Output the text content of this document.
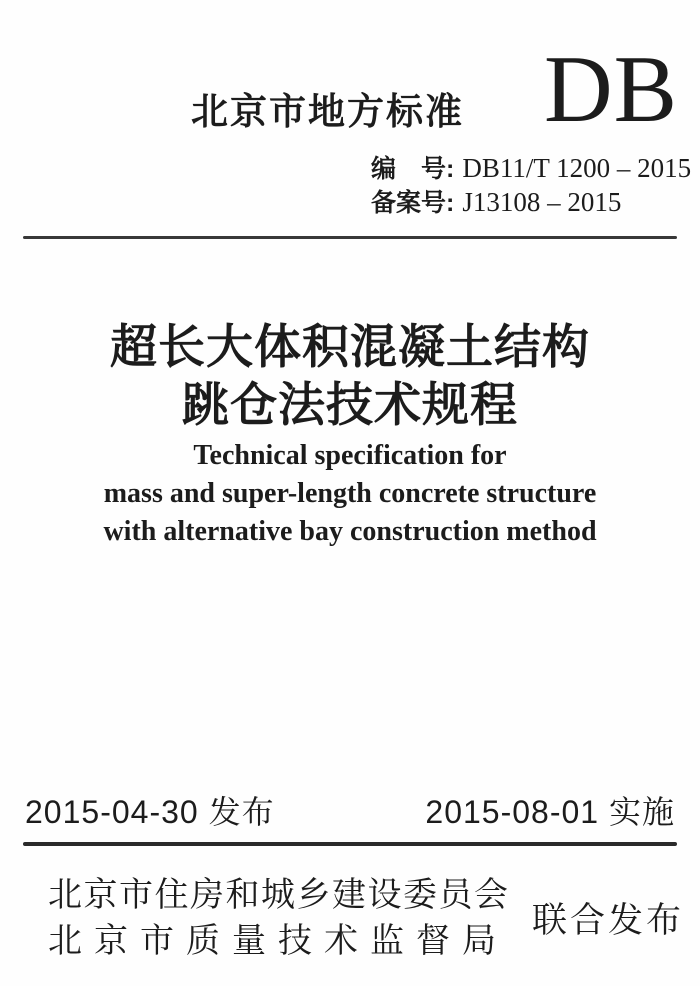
北京市地方标准 DB
编　号: DB11/T 1200 – 2015
备案号: J13108 – 2015
超长大体积混凝土结构
跳仓法技术规程
Technical specification for
mass and super-length concrete structure
with alternative bay construction method
2015-04-30 发布	2015-08-01 实施
北京市住房和城乡建设委员会
北京市质量技术监督局
联合发布
